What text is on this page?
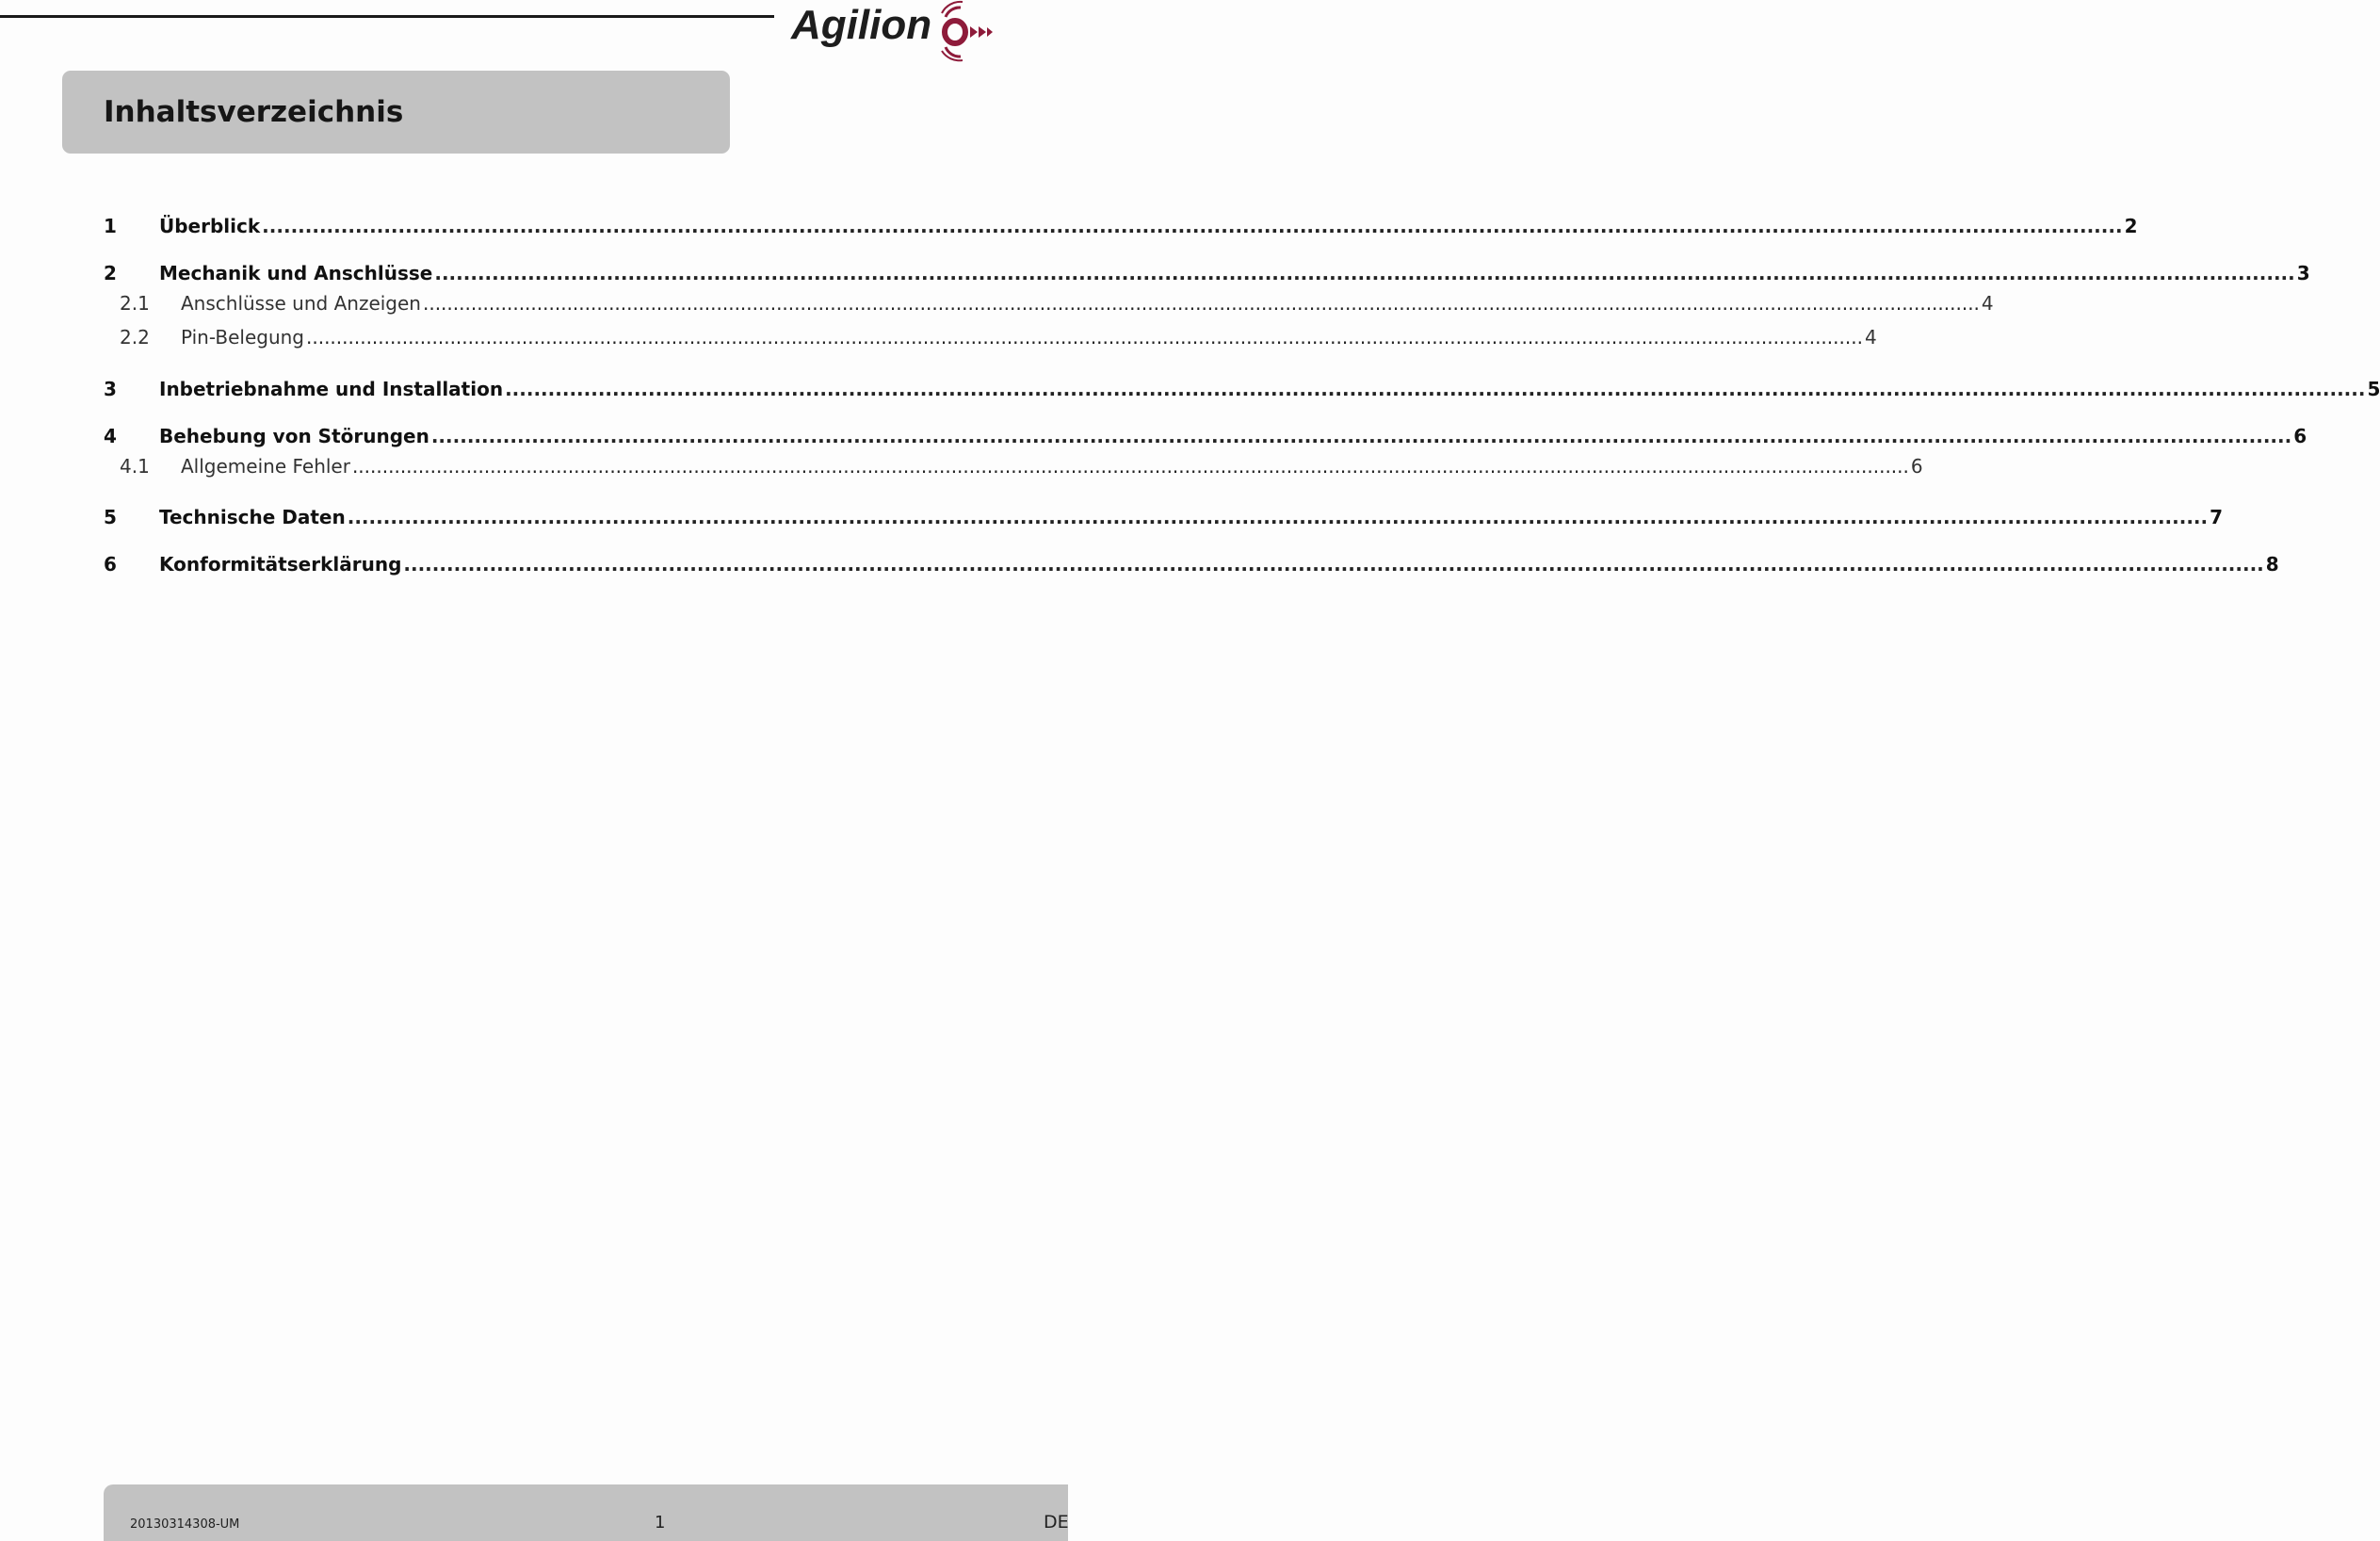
Agilion
Inhaltsverzeichnis
1	Überblick .................................................................................................................................................................................................................................................................... 2
2	Mechanik und Anschlüsse .................................................................................................................................................................................................................................................................... 3
2.1	Anschlüsse und Anzeigen .................................................................................................................................................................................................................................................................... 4
2.2	Pin-Belegung .................................................................................................................................................................................................................................................................... 4
3	Inbetriebnahme und Installation .................................................................................................................................................................................................................................................................... 5
4	Behebung von Störungen .................................................................................................................................................................................................................................................................... 6
4.1	Allgemeine Fehler .................................................................................................................................................................................................................................................................... 6
5	Technische Daten .................................................................................................................................................................................................................................................................... 7
6	Konformitätserklärung .................................................................................................................................................................................................................................................................... 8
20130314308-UM	1	DE
